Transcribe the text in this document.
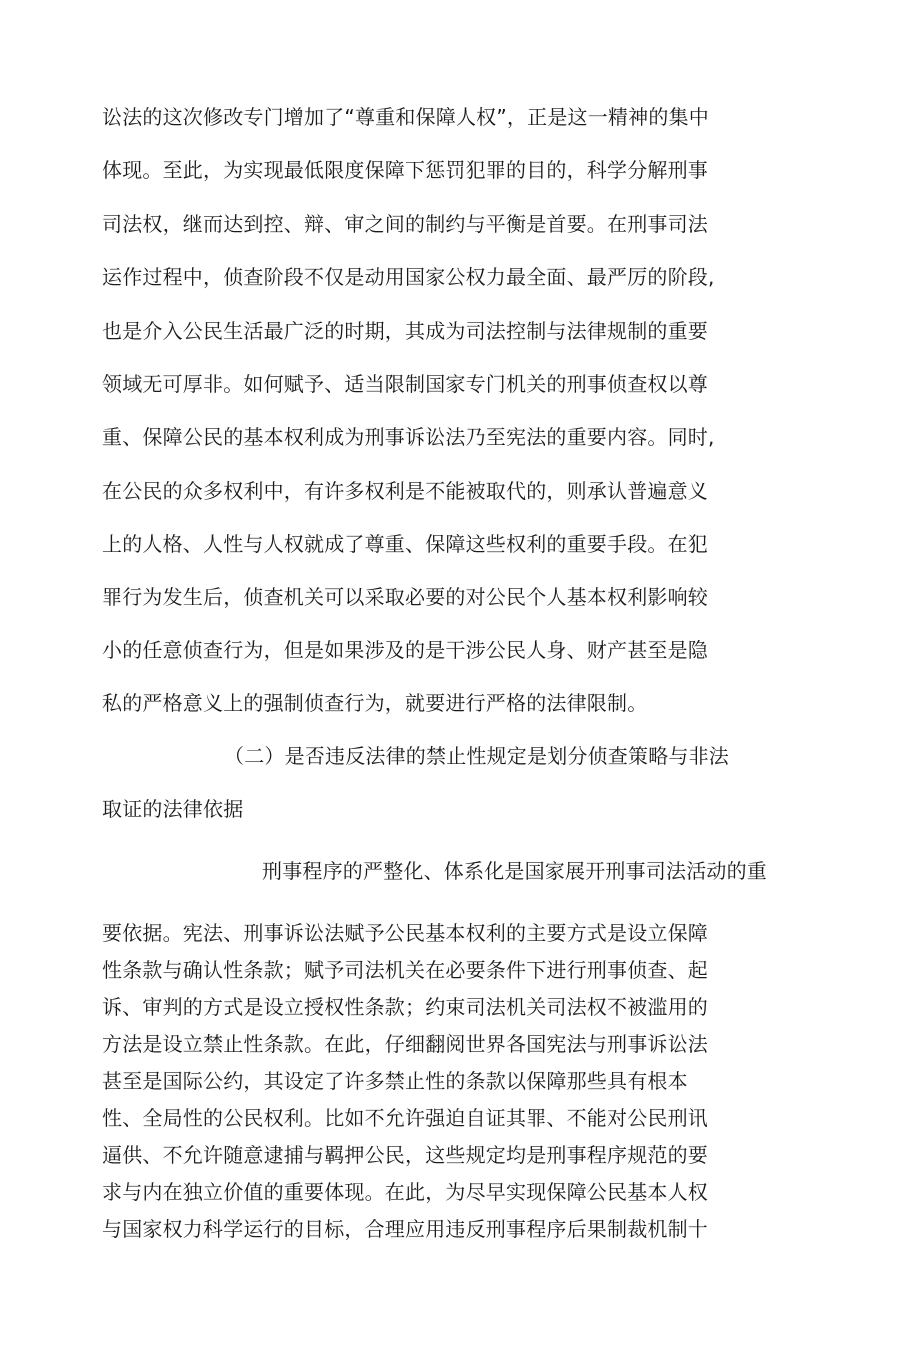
讼法的这次修改专门增加了“尊重和保障人权”，正是这一精神的集中
体现。至此，为实现最低限度保障下惩罚犯罪的目的，科学分解刑事
司法权，继而达到控、辩、审之间的制约与平衡是首要。在刑事司法
运作过程中，侦查阶段不仅是动用国家公权力最全面、最严厉的阶段,
也是介入公民生活最广泛的时期，其成为司法控制与法律规制的重要
领域无可厚非。如何赋予、适当限制国家专门机关的刑事侦查权以尊
重、保障公民的基本权利成为刑事诉讼法乃至宪法的重要内容。同时,
在公民的众多权利中，有许多权利是不能被取代的，则承认普遍意义
上的人格、人性与人权就成了尊重、保障这些权利的重要手段。在犯
罪行为发生后，侦查机关可以采取必要的对公民个人基本权利影响较
小的任意侦查行为，但是如果涉及的是干涉公民人身、财产甚至是隐
私的严格意义上的强制侦查行为，就要进行严格的法律限制。
（二）是否违反法律的禁止性规定是划分侦查策略与非法
取证的法律依据
刑事程序的严整化、体系化是国家展开刑事司法活动的重
要依据。宪法、刑事诉讼法赋予公民基本权利的主要方式是设立保障
性条款与确认性条款；赋予司法机关在必要条件下进行刑事侦查、起
诉、审判的方式是设立授权性条款；约束司法机关司法权不被滥用的
方法是设立禁止性条款。在此，仔细翻阅世界各国宪法与刑事诉讼法
甚至是国际公约，其设定了许多禁止性的条款以保障那些具有根本
性、全局性的公民权利。比如不允许强迫自证其罪、不能对公民刑讯
逼供、不允许随意逮捕与羁押公民，这些规定均是刑事程序规范的要
求与内在独立价值的重要体现。在此，为尽早实现保障公民基本人权
与国家权力科学运行的目标，合理应用违反刑事程序后果制裁机制十
